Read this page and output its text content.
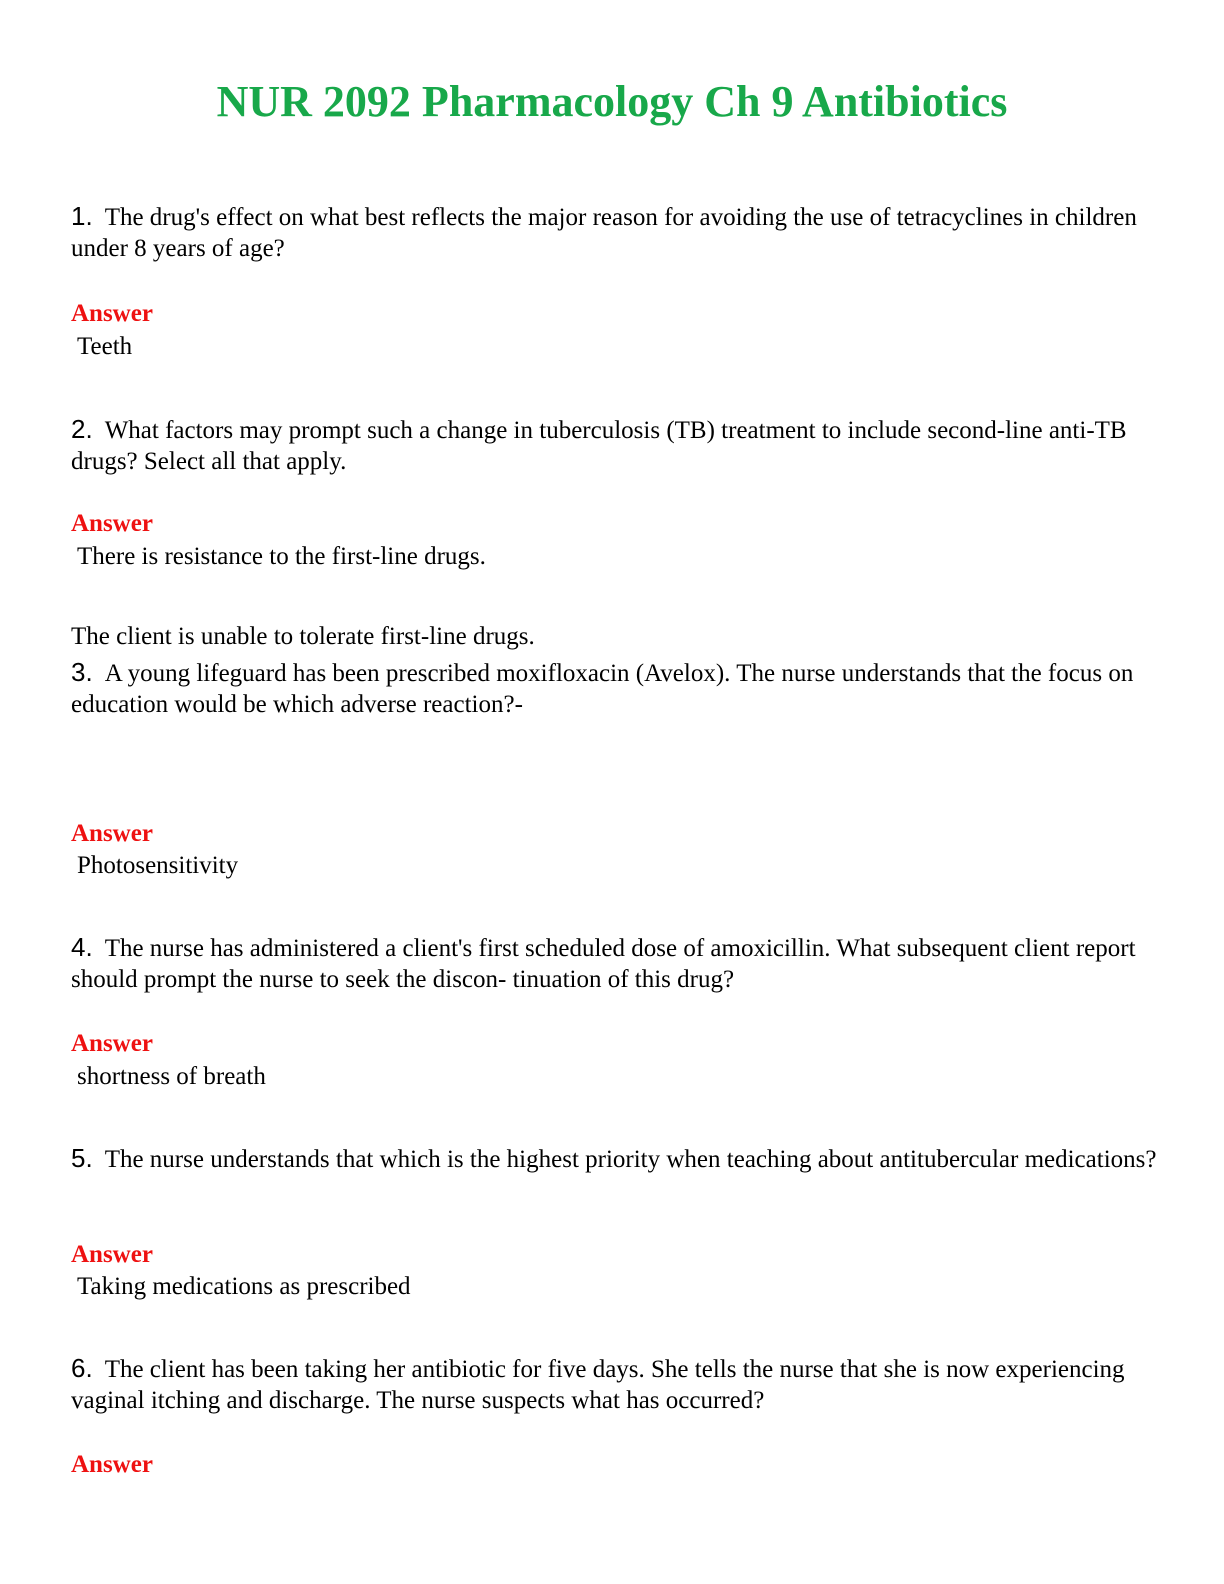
NUR 2092 Pharmacology Ch 9 Antibiotics

1. The drug's effect on what best reflects the major reason for avoiding the use of tetracyclines in children under 8 years of age?

Answer
Teeth

2. What factors may prompt such a change in tuberculosis (TB) treatment to include second-line anti-TB drugs? Select all that apply.

Answer
There is resistance to the first-line drugs.
The client is unable to tolerate first-line drugs.

3. A young lifeguard has been prescribed moxifloxacin (Avelox). The nurse understands that the focus on education would be which adverse reaction?-

Answer
Photosensitivity

4. The nurse has administered a client's first scheduled dose of amoxicillin. What subsequent client report should prompt the nurse to seek the discon- tinuation of this drug?

Answer
shortness of breath

5. The nurse understands that which is the highest priority when teaching about antitubercular medications?

Answer
Taking medications as prescribed

6. The client has been taking her antibiotic for five days. She tells the nurse that she is now experiencing vaginal itching and discharge. The nurse suspects what has occurred?

Answer
